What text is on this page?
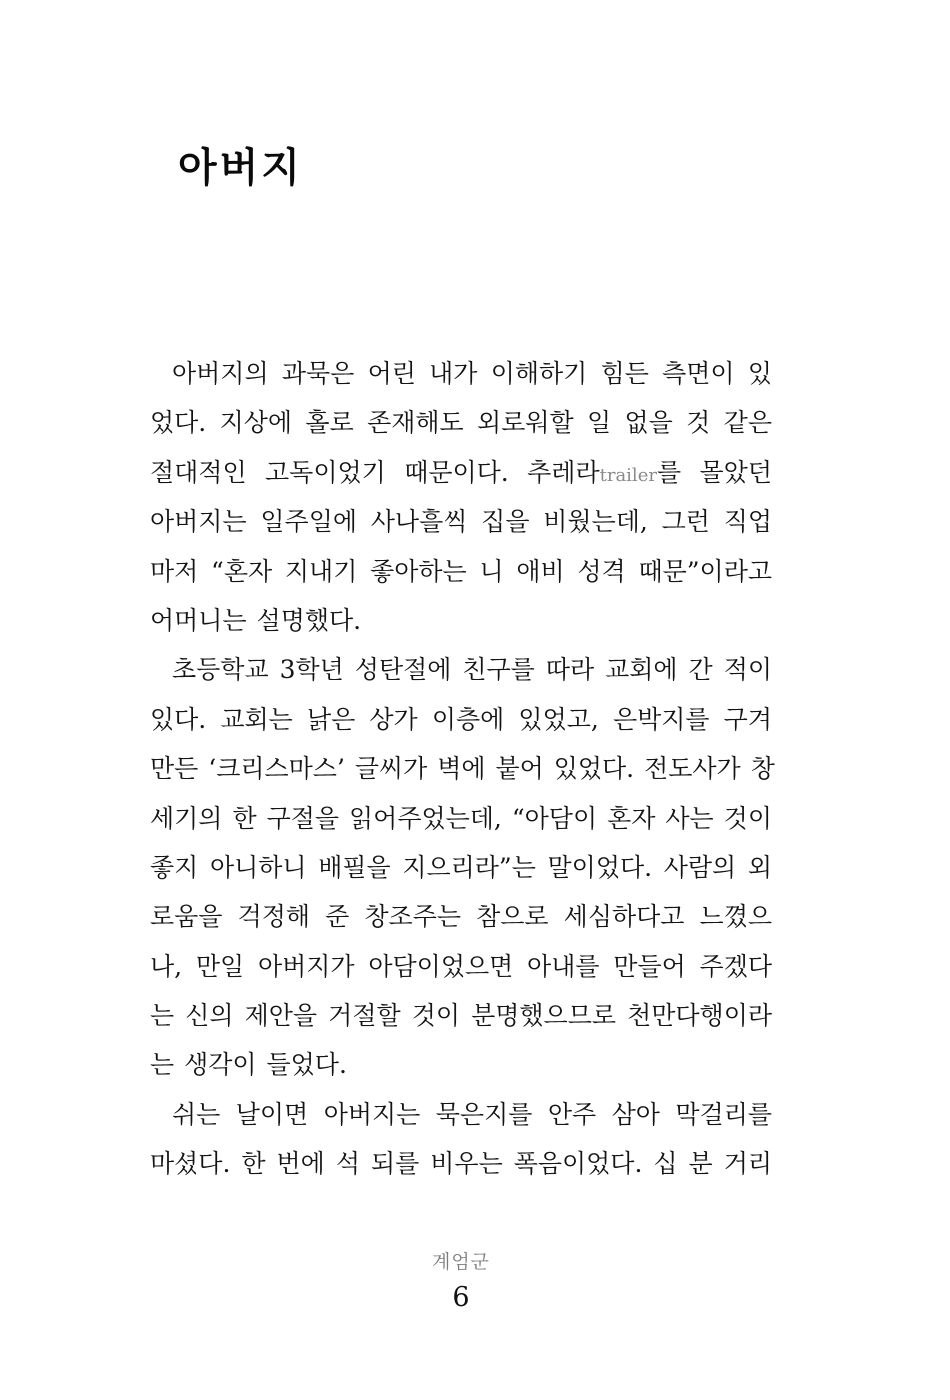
아버지
아버지의 과묵은 어린 내가 이해하기 힘든 측면이 있
었다. 지상에 홀로 존재해도 외로워할 일 없을 것 같은
절대적인 고독이었기 때문이다. 추레라trailer를 몰았던
아버지는 일주일에 사나흘씩 집을 비웠는데, 그런 직업
마저 “혼자 지내기 좋아하는 니 애비 성격 때문”이라고
어머니는 설명했다.
초등학교 3학년 성탄절에 친구를 따라 교회에 간 적이
있다. 교회는 낡은 상가 이층에 있었고, 은박지를 구겨
만든 ‘크리스마스’ 글씨가 벽에 붙어 있었다. 전도사가 창
세기의 한 구절을 읽어주었는데, “아담이 혼자 사는 것이
좋지 아니하니 배필을 지으리라”는 말이었다. 사람의 외
로움을 걱정해 준 창조주는 참으로 세심하다고 느꼈으
나, 만일 아버지가 아담이었으면 아내를 만들어 주겠다
는 신의 제안을 거절할 것이 분명했으므로 천만다행이라
는 생각이 들었다.
쉬는 날이면 아버지는 묵은지를 안주 삼아 막걸리를
마셨다. 한 번에 석 되를 비우는 폭음이었다. 십 분 거리
계엄군
6
